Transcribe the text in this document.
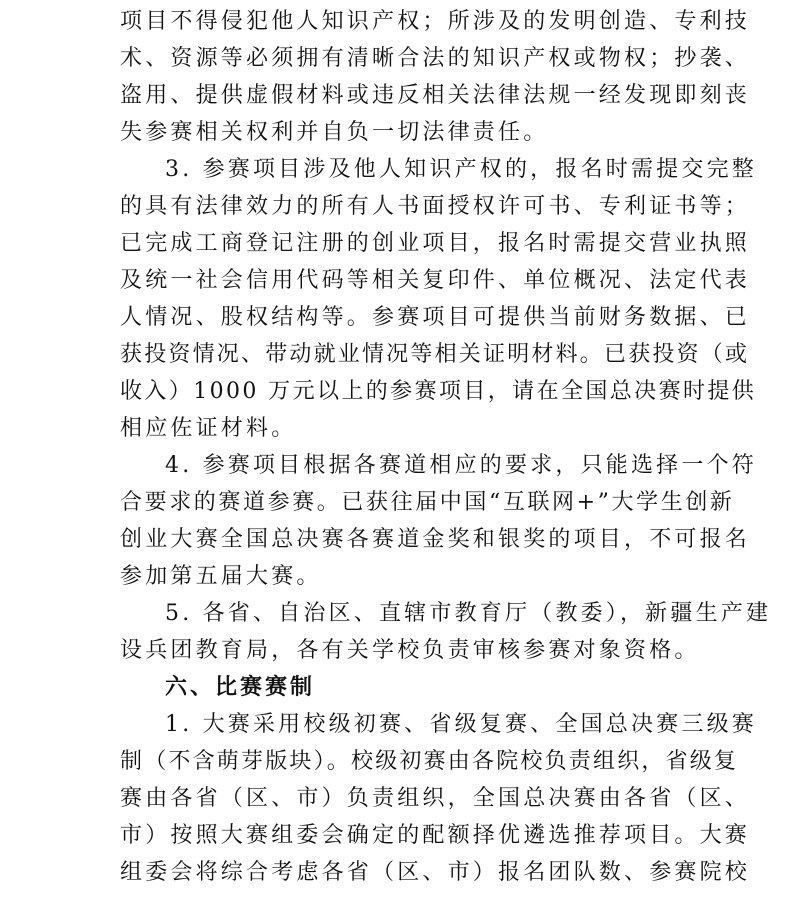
项目不得侵犯他人知识产权；所涉及的发明创造、专利技
术、资源等必须拥有清晰合法的知识产权或物权；抄袭、
盗用、提供虚假材料或违反相关法律法规一经发现即刻丧
失参赛相关权利并自负一切法律责任。
3. 参赛项目涉及他人知识产权的，报名时需提交完整
的具有法律效力的所有人书面授权许可书、专利证书等；
已完成工商登记注册的创业项目，报名时需提交营业执照
及统一社会信用代码等相关复印件、单位概况、法定代表
人情况、股权结构等。参赛项目可提供当前财务数据、已
获投资情况、带动就业情况等相关证明材料。已获投资（或
收入）1000 万元以上的参赛项目，请在全国总决赛时提供
相应佐证材料。
4. 参赛项目根据各赛道相应的要求，只能选择一个符
合要求的赛道参赛。已获往届中国“互联网+”大学生创新
创业大赛全国总决赛各赛道金奖和银奖的项目，不可报名
参加第五届大赛。
5. 各省、自治区、直辖市教育厅（教委），新疆生产建
设兵团教育局，各有关学校负责审核参赛对象资格。
六、比赛赛制
1. 大赛采用校级初赛、省级复赛、全国总决赛三级赛
制（不含萌芽版块）。校级初赛由各院校负责组织，省级复
赛由各省（区、市）负责组织，全国总决赛由各省（区、
市）按照大赛组委会确定的配额择优遴选推荐项目。大赛
组委会将综合考虑各省（区、市）报名团队数、参赛院校
